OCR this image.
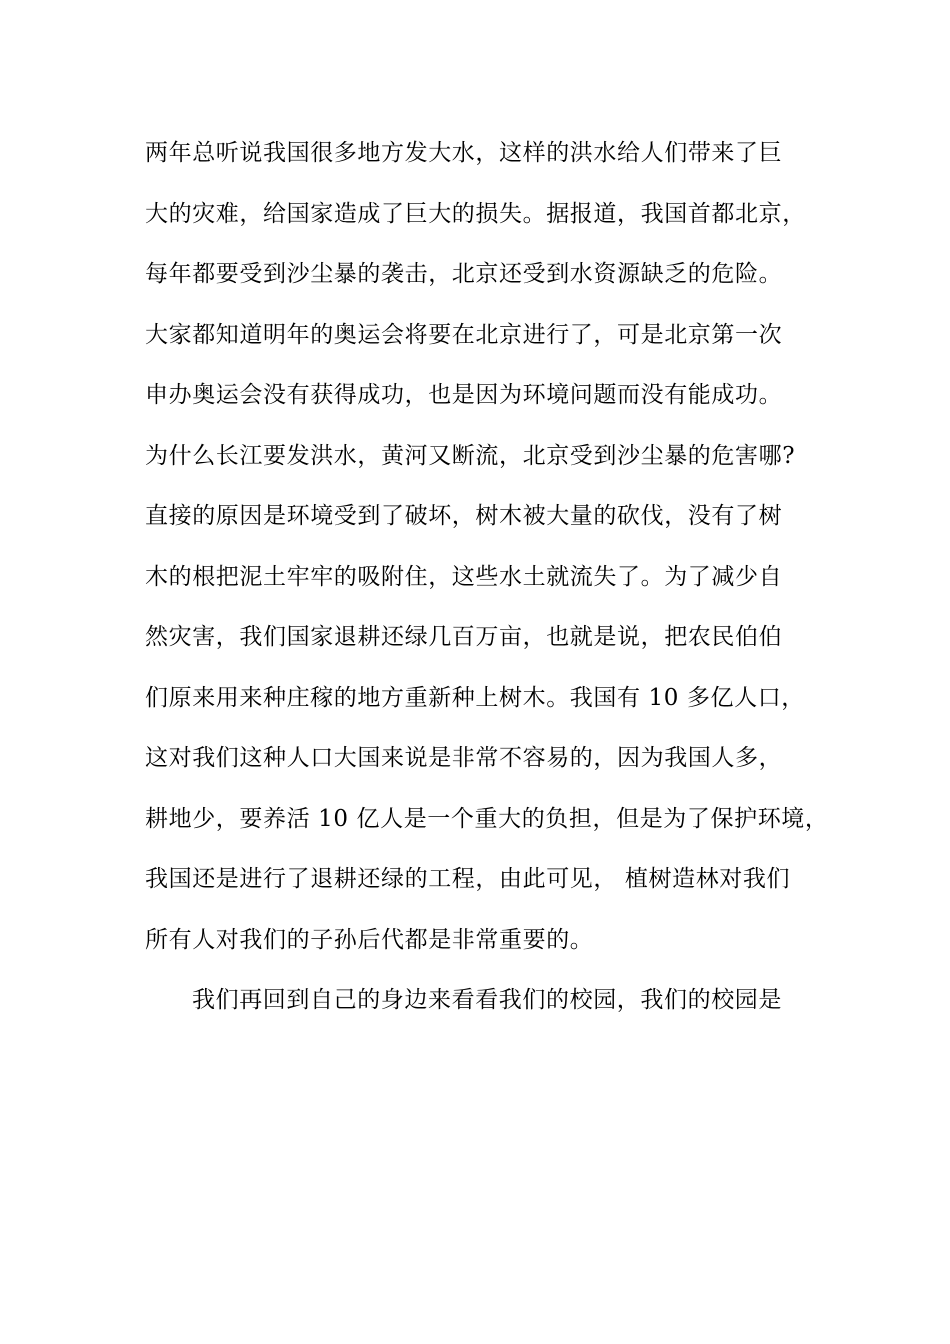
两年总听说我国很多地方发大水，这样的洪水给人们带来了巨
大的灾难，给国家造成了巨大的损失。据报道，我国首都北京，
每年都要受到沙尘暴的袭击，北京还受到水资源缺乏的危险。
大家都知道明年的奥运会将要在北京进行了，可是北京第一次
申办奥运会没有获得成功，也是因为环境问题而没有能成功。
为什么长江要发洪水，黄河又断流，北京受到沙尘暴的危害哪?
直接的原因是环境受到了破坏，树木被大量的砍伐，没有了树
木的根把泥土牢牢的吸附住，这些水土就流失了。为了减少自
然灾害，我们国家退耕还绿几百万亩，也就是说，把农民伯伯
们原来用来种庄稼的地方重新种上树木。我国有 10 多亿人口，
这对我们这种人口大国来说是非常不容易的，因为我国人多，
耕地少，要养活 10 亿人是一个重大的负担，但是为了保护环境，
我国还是进行了退耕还绿的工程，由此可见， 植树造林对我们
所有人对我们的子孙后代都是非常重要的。
我们再回到自己的身边来看看我们的校园，我们的校园是
